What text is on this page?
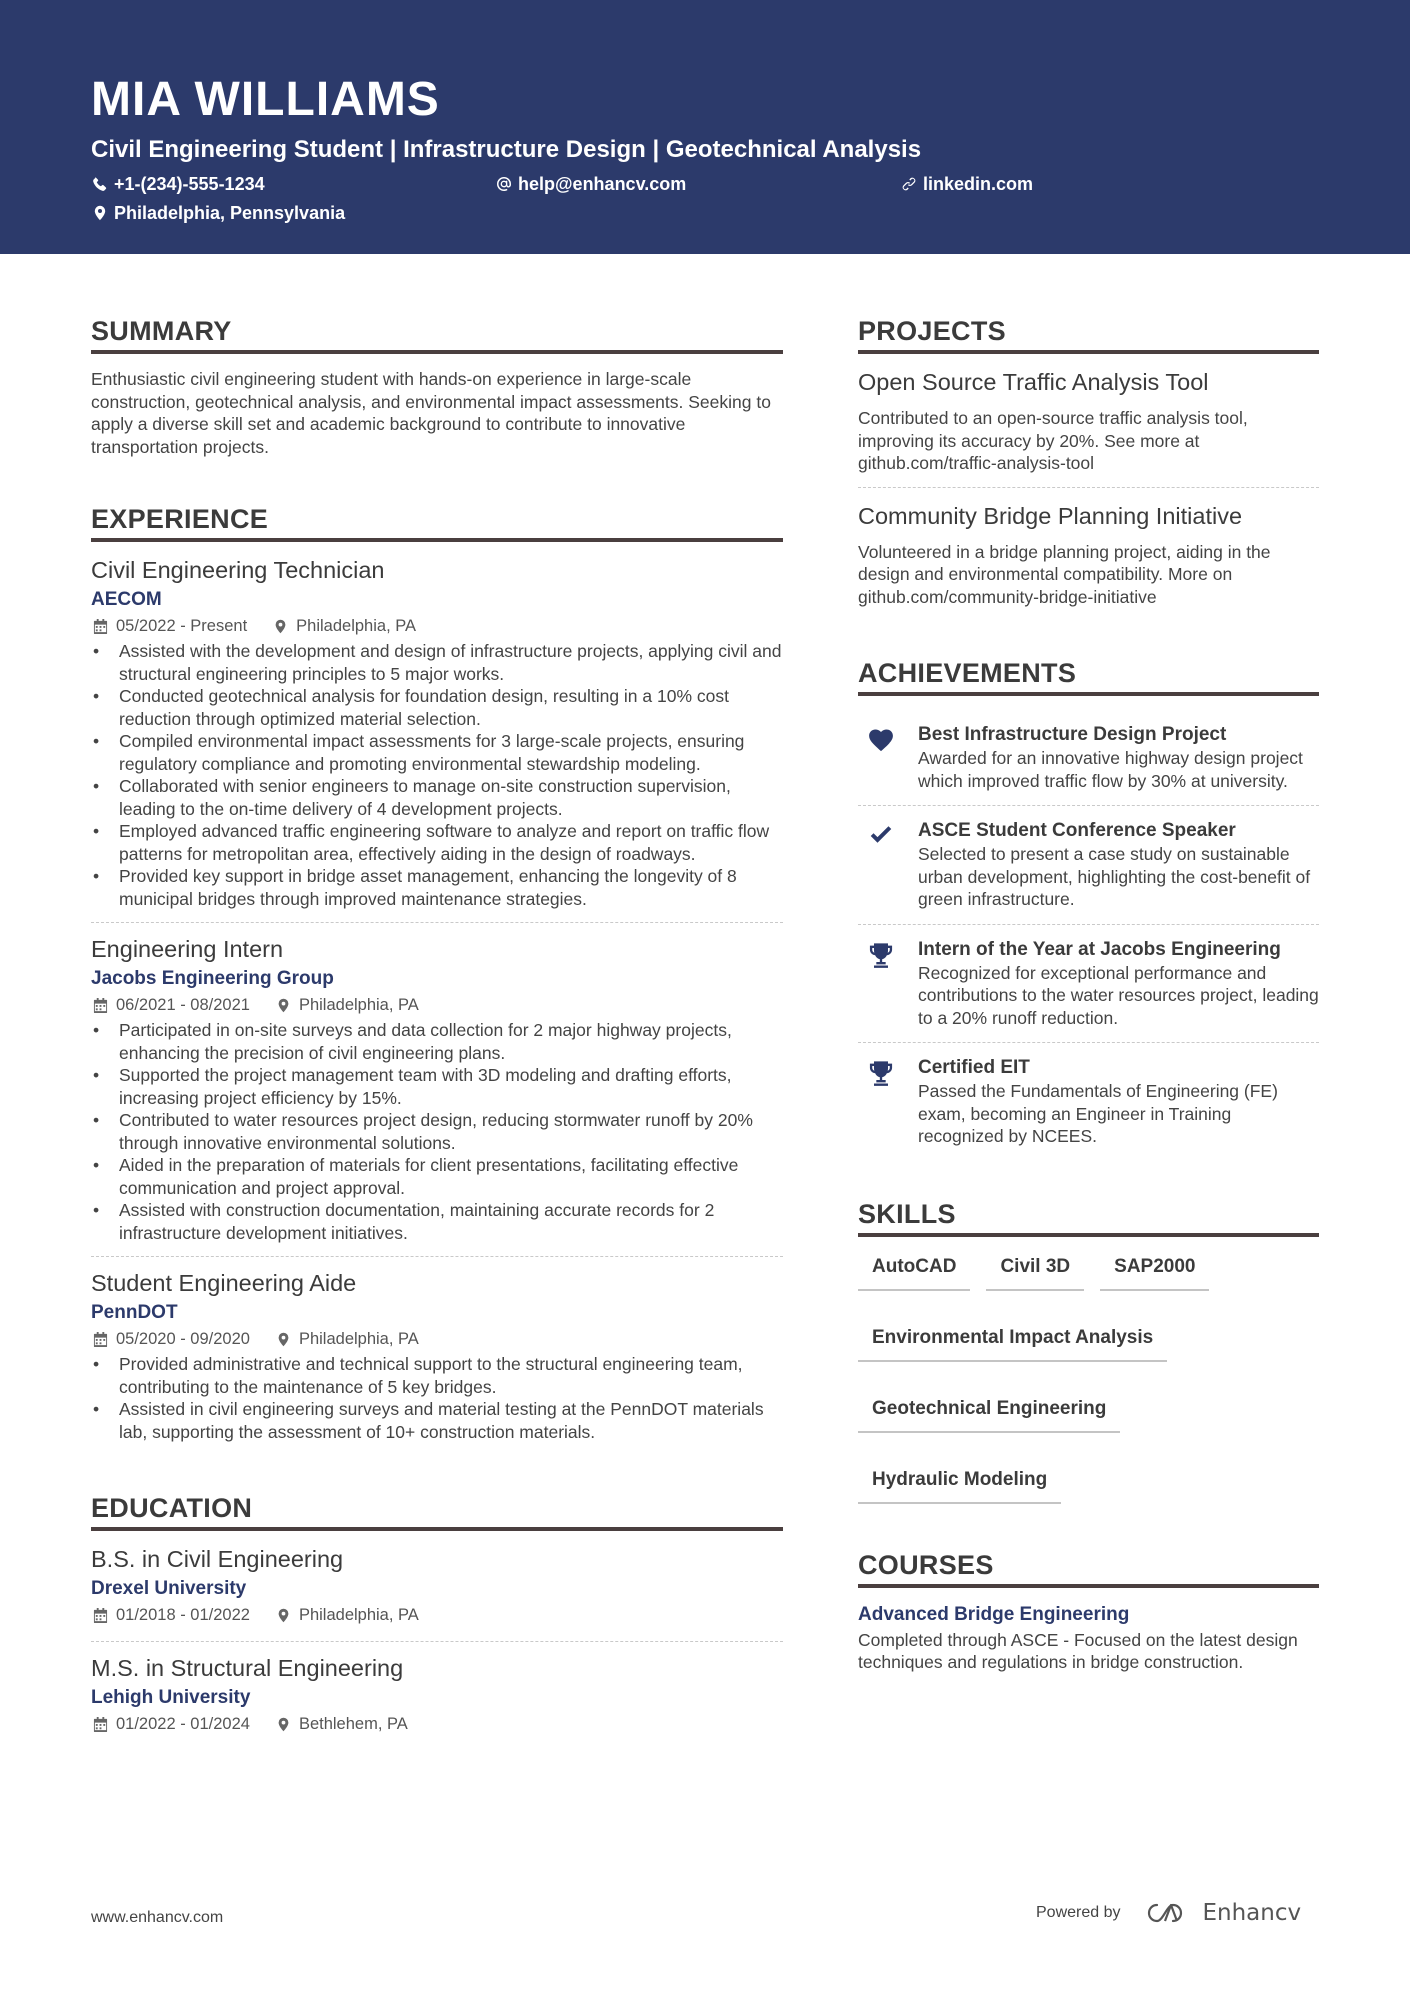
MIA WILLIAMS
Civil Engineering Student | Infrastructure Design | Geotechnical Analysis
+1-(234)-555-1234	help@enhancv.com	linkedin.com
Philadelphia, Pennsylvania
SUMMARY
Enthusiastic civil engineering student with hands-on experience in large-scale construction, geotechnical analysis, and environmental impact assessments. Seeking to apply a diverse skill set and academic background to contribute to innovative transportation projects.
EXPERIENCE
Civil Engineering Technician
AECOM
05/2022 - Present	Philadelphia, PA
• Assisted with the development and design of infrastructure projects, applying civil and structural engineering principles to 5 major works.
• Conducted geotechnical analysis for foundation design, resulting in a 10% cost reduction through optimized material selection.
• Compiled environmental impact assessments for 3 large-scale projects, ensuring regulatory compliance and promoting environmental stewardship modeling.
• Collaborated with senior engineers to manage on-site construction supervision, leading to the on-time delivery of 4 development projects.
• Employed advanced traffic engineering software to analyze and report on traffic flow patterns for metropolitan area, effectively aiding in the design of roadways.
• Provided key support in bridge asset management, enhancing the longevity of 8 municipal bridges through improved maintenance strategies.
Engineering Intern
Jacobs Engineering Group
06/2021 - 08/2021	Philadelphia, PA
• Participated in on-site surveys and data collection for 2 major highway projects, enhancing the precision of civil engineering plans.
• Supported the project management team with 3D modeling and drafting efforts, increasing project efficiency by 15%.
• Contributed to water resources project design, reducing stormwater runoff by 20% through innovative environmental solutions.
• Aided in the preparation of materials for client presentations, facilitating effective communication and project approval.
• Assisted with construction documentation, maintaining accurate records for 2 infrastructure development initiatives.
Student Engineering Aide
PennDOT
05/2020 - 09/2020	Philadelphia, PA
• Provided administrative and technical support to the structural engineering team, contributing to the maintenance of 5 key bridges.
• Assisted in civil engineering surveys and material testing at the PennDOT materials lab, supporting the assessment of 10+ construction materials.
EDUCATION
B.S. in Civil Engineering
Drexel University
01/2018 - 01/2022	Philadelphia, PA
M.S. in Structural Engineering
Lehigh University
01/2022 - 01/2024	Bethlehem, PA
PROJECTS
Open Source Traffic Analysis Tool
Contributed to an open-source traffic analysis tool, improving its accuracy by 20%. See more at github.com/traffic-analysis-tool
Community Bridge Planning Initiative
Volunteered in a bridge planning project, aiding in the design and environmental compatibility. More on github.com/community-bridge-initiative
ACHIEVEMENTS
Best Infrastructure Design Project
Awarded for an innovative highway design project which improved traffic flow by 30% at university.
ASCE Student Conference Speaker
Selected to present a case study on sustainable urban development, highlighting the cost-benefit of green infrastructure.
Intern of the Year at Jacobs Engineering
Recognized for exceptional performance and contributions to the water resources project, leading to a 20% runoff reduction.
Certified EIT
Passed the Fundamentals of Engineering (FE) exam, becoming an Engineer in Training recognized by NCEES.
SKILLS
AutoCAD	Civil 3D	SAP2000
Environmental Impact Analysis
Geotechnical Engineering
Hydraulic Modeling
COURSES
Advanced Bridge Engineering
Completed through ASCE - Focused on the latest design techniques and regulations in bridge construction.
www.enhancv.com	Powered by	Enhancv
